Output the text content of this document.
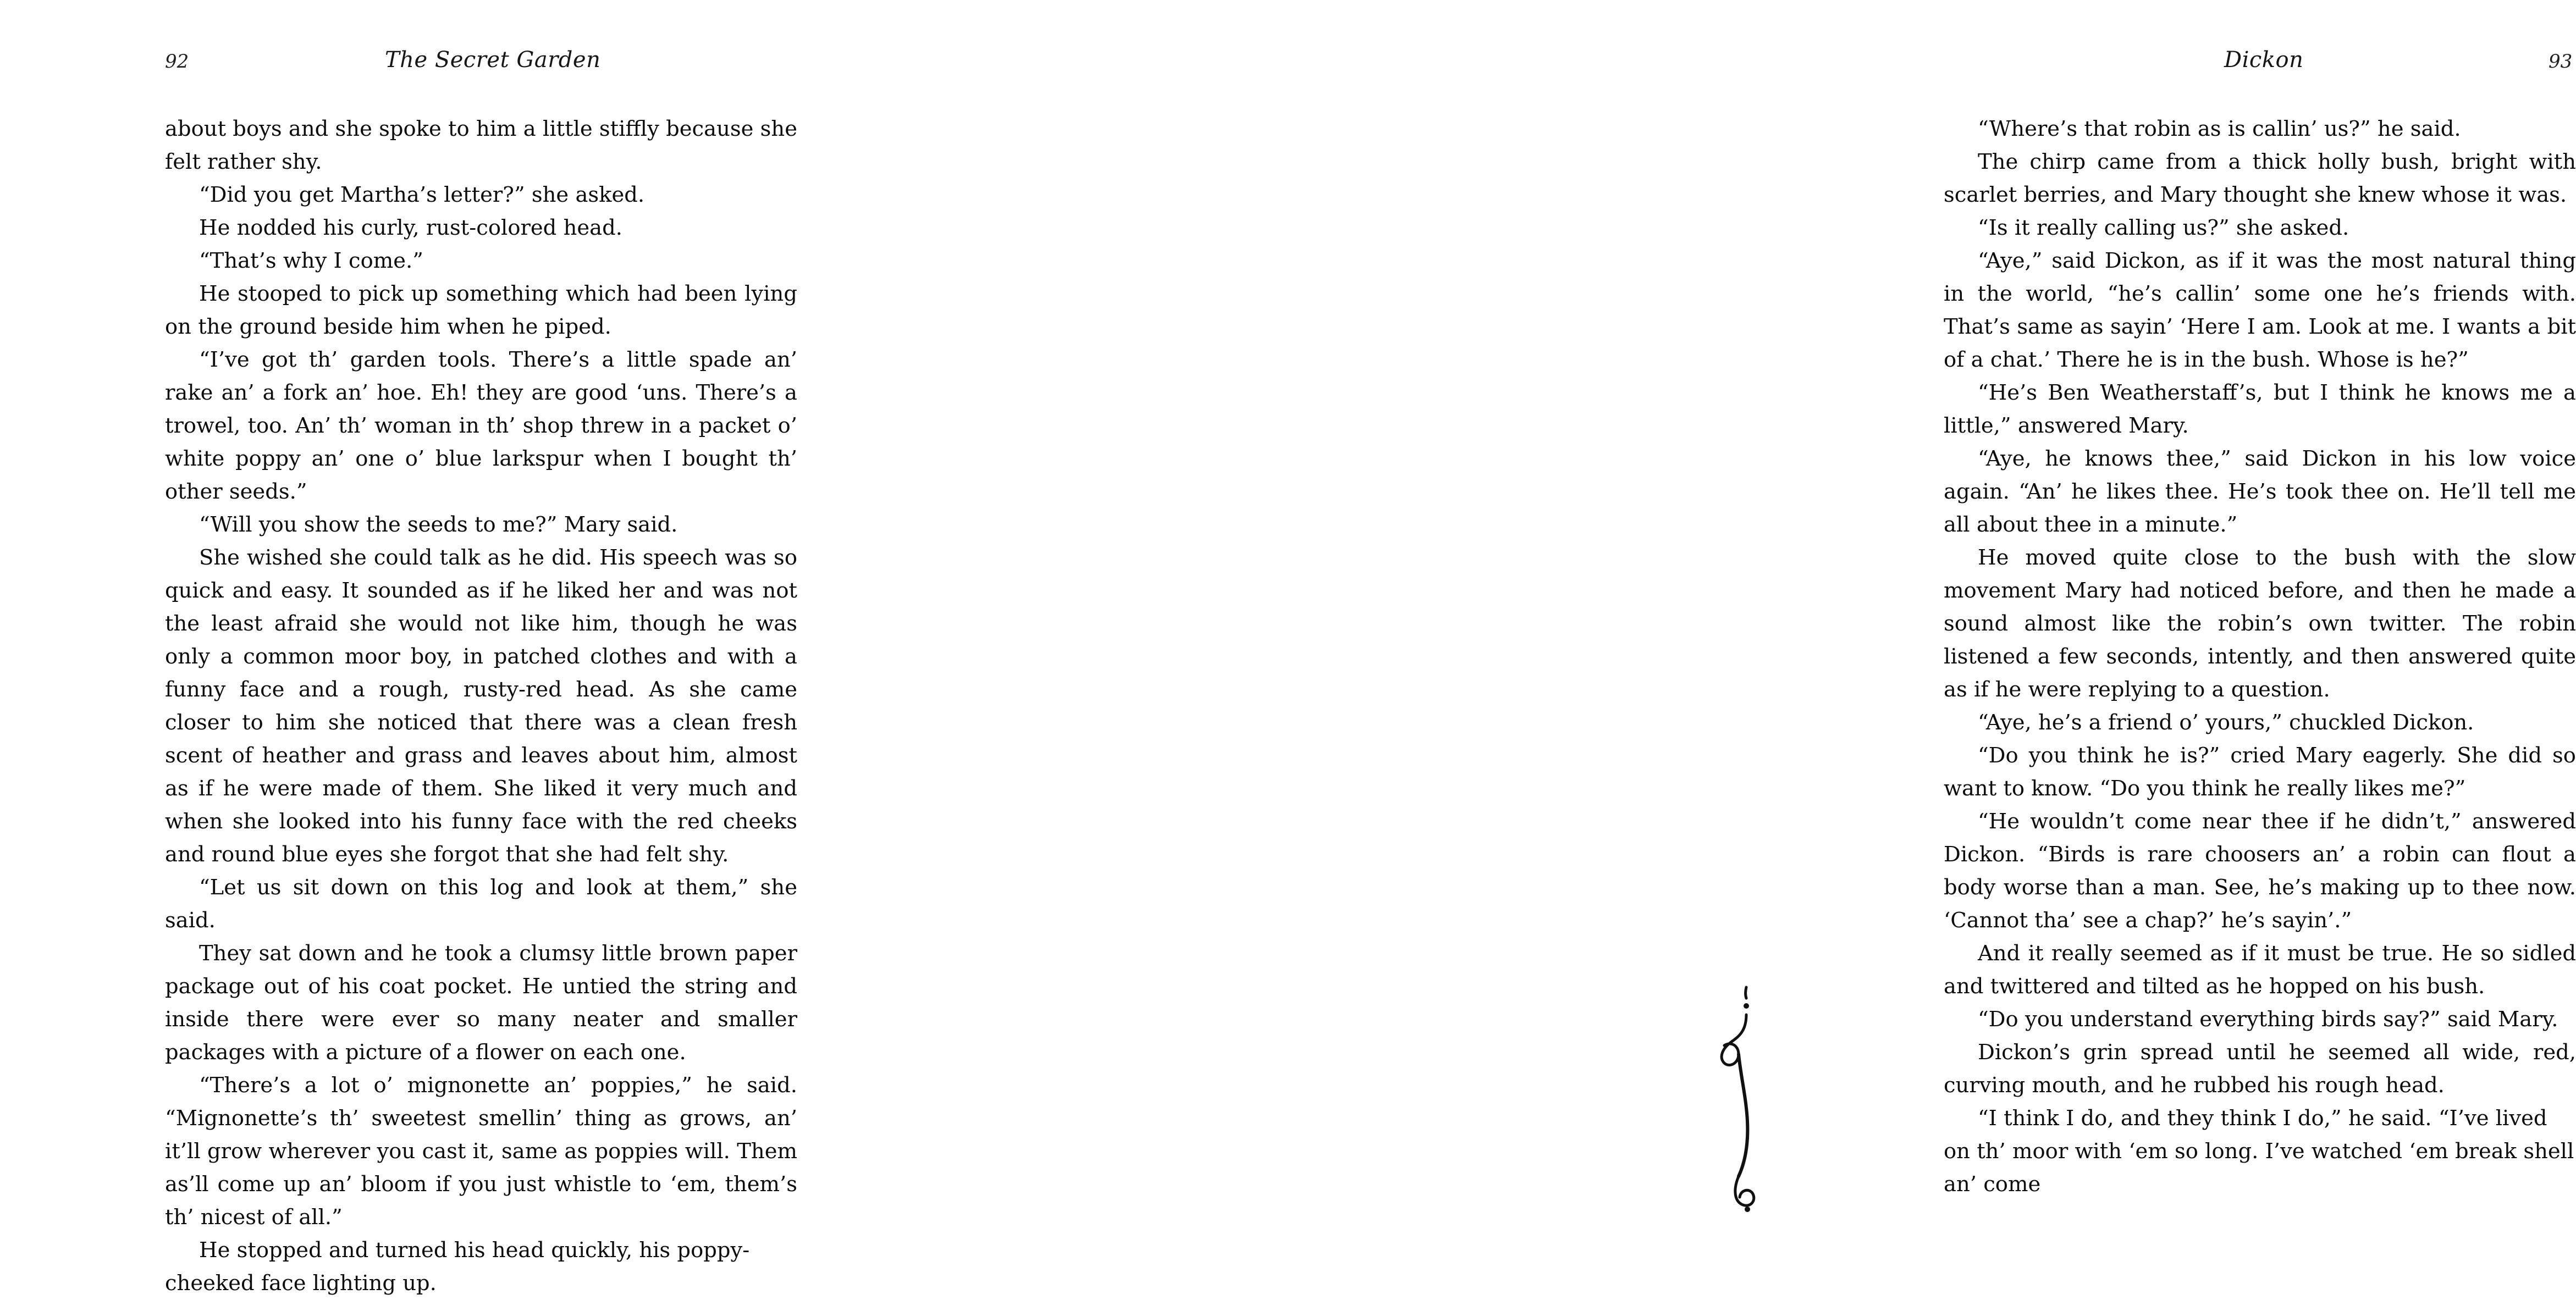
92	The Secret Garden

about boys and she spoke to him a little stiffly because she felt rather shy.

“Did you get Martha’s letter?” she asked.

He nodded his curly, rust-colored head.

“That’s why I come.”

He stooped to pick up something which had been lying on the ground beside him when he piped.

“I’ve got th’ garden tools. There’s a little spade an’ rake an’ a fork an’ hoe. Eh! they are good ‘uns. There’s a trowel, too. An’ th’ woman in th’ shop threw in a packet o’ white poppy an’ one o’ blue larkspur when I bought th’ other seeds.”

“Will you show the seeds to me?” Mary said.

She wished she could talk as he did. His speech was so quick and easy. It sounded as if he liked her and was not the least afraid she would not like him, though he was only a common moor boy, in patched clothes and with a funny face and a rough, rusty-red head. As she came closer to him she noticed that there was a clean fresh scent of heather and grass and leaves about him, almost as if he were made of them. She liked it very much and when she looked into his funny face with the red cheeks and round blue eyes she forgot that she had felt shy.

“Let us sit down on this log and look at them,” she said.

They sat down and he took a clumsy little brown paper package out of his coat pocket. He untied the string and inside there were ever so many neater and smaller packages with a picture of a flower on each one.

“There’s a lot o’ mignonette an’ poppies,” he said. “Mignonette’s th’ sweetest smellin’ thing as grows, an’ it’ll grow wherever you cast it, same as poppies will. Them as’ll come up an’ bloom if you just whistle to ‘em, them’s th’ nicest of all.”

He stopped and turned his head quickly, his poppy-cheeked face lighting up.

Dickon	93

“Where’s that robin as is callin’ us?” he said.

The chirp came from a thick holly bush, bright with scarlet berries, and Mary thought she knew whose it was.

“Is it really calling us?” she asked.

“Aye,” said Dickon, as if it was the most natural thing in the world, “he’s callin’ some one he’s friends with. That’s same as sayin’ ‘Here I am. Look at me. I wants a bit of a chat.’ There he is in the bush. Whose is he?”

“He’s Ben Weatherstaff’s, but I think he knows me a little,” answered Mary.

“Aye, he knows thee,” said Dickon in his low voice again. “An’ he likes thee. He’s took thee on. He’ll tell me all about thee in a minute.”

He moved quite close to the bush with the slow movement Mary had noticed before, and then he made a sound almost like the robin’s own twitter. The robin listened a few seconds, intently, and then answered quite as if he were replying to a question.

“Aye, he’s a friend o’ yours,” chuckled Dickon.

“Do you think he is?” cried Mary eagerly. She did so want to know. “Do you think he really likes me?”

“He wouldn’t come near thee if he didn’t,” answered Dickon. “Birds is rare choosers an’ a robin can flout a body worse than a man. See, he’s making up to thee now. ‘Cannot tha’ see a chap?’ he’s sayin’.”

And it really seemed as if it must be true. He so sidled and twittered and tilted as he hopped on his bush.

“Do you understand everything birds say?” said Mary.

Dickon’s grin spread until he seemed all wide, red, curving mouth, and he rubbed his rough head.

“I think I do, and they think I do,” he said. “I’ve lived on th’ moor with ‘em so long. I’ve watched ‘em break shell an’ come
